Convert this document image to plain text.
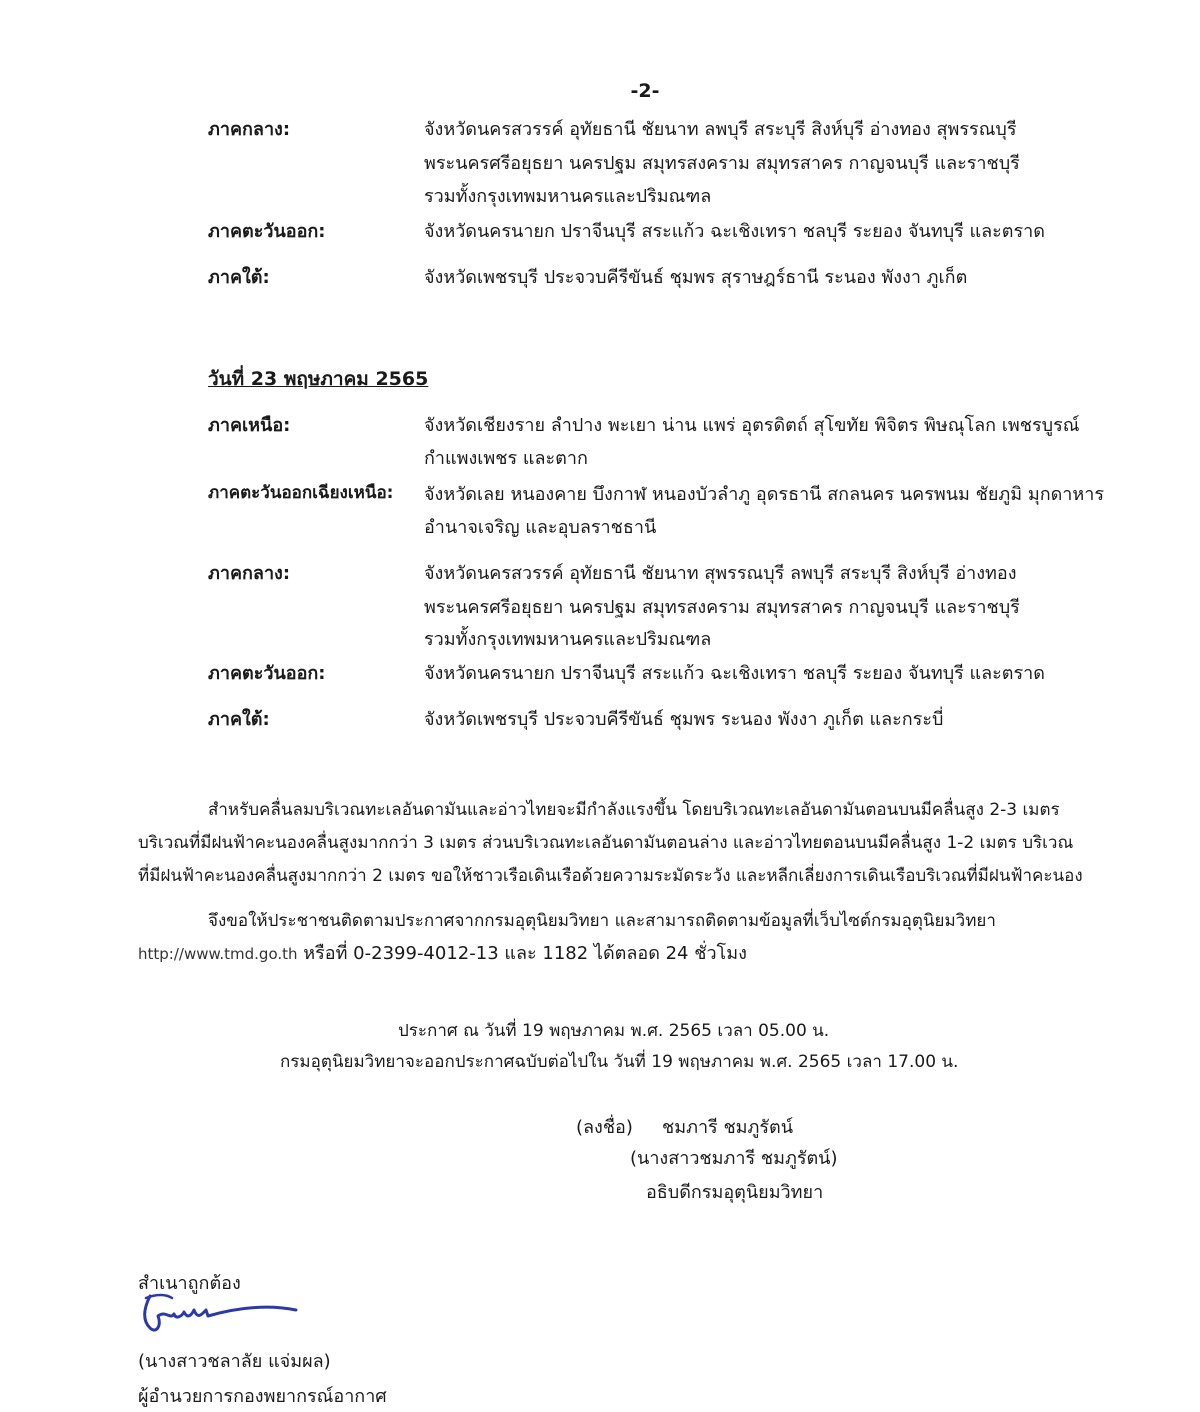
-2-
ภาคกลาง:	จังหวัดนครสวรรค์ อุทัยธานี ชัยนาท ลพบุรี สระบุรี สิงห์บุรี อ่างทอง สุพรรณบุรี
พระนครศรีอยุธยา นครปฐม สมุทรสงคราม สมุทรสาคร กาญจนบุรี และราชบุรี
รวมทั้งกรุงเทพมหานครและปริมณฑล
ภาคตะวันออก:	จังหวัดนครนายก ปราจีนบุรี สระแก้ว ฉะเชิงเทรา ชลบุรี ระยอง จันทบุรี และตราด
ภาคใต้:	จังหวัดเพชรบุรี ประจวบคีรีขันธ์ ชุมพร สุราษฎร์ธานี ระนอง พังงา ภูเก็ต
วันที่ 23 พฤษภาคม 2565
ภาคเหนือ:	จังหวัดเชียงราย ลำปาง พะเยา น่าน แพร่ อุตรดิตถ์ สุโขทัย พิจิตร พิษณุโลก เพชรบูรณ์
กำแพงเพชร และตาก
ภาคตะวันออกเฉียงเหนือ: จังหวัดเลย หนองคาย บึงกาฬ หนองบัวลำภู อุดรธานี สกลนคร นครพนม ชัยภูมิ มุกดาหาร
อำนาจเจริญ และอุบลราชธานี
ภาคกลาง:	จังหวัดนครสวรรค์ อุทัยธานี ชัยนาท สุพรรณบุรี ลพบุรี สระบุรี สิงห์บุรี อ่างทอง
พระนครศรีอยุธยา นครปฐม สมุทรสงคราม สมุทรสาคร กาญจนบุรี และราชบุรี
รวมทั้งกรุงเทพมหานครและปริมณฑล
ภาคตะวันออก:	จังหวัดนครนายก ปราจีนบุรี สระแก้ว ฉะเชิงเทรา ชลบุรี ระยอง จันทบุรี และตราด
ภาคใต้:	จังหวัดเพชรบุรี ประจวบคีรีขันธ์ ชุมพร ระนอง พังงา ภูเก็ต และกระบี่
สำหรับคลื่นลมบริเวณทะเลอันดามันและอ่าวไทยจะมีกำลังแรงขึ้น โดยบริเวณทะเลอันดามันตอนบนมีคลื่นสูง 2-3 เมตร
บริเวณที่มีฝนฟ้าคะนองคลื่นสูงมากกว่า 3 เมตร ส่วนบริเวณทะเลอันดามันตอนล่าง และอ่าวไทยตอนบนมีคลื่นสูง 1-2 เมตร บริเวณ
ที่มีฝนฟ้าคะนองคลื่นสูงมากกว่า 2 เมตร ขอให้ชาวเรือเดินเรือด้วยความระมัดระวัง และหลีกเลี่ยงการเดินเรือบริเวณที่มีฝนฟ้าคะนอง
จึงขอให้ประชาชนติดตามประกาศจากกรมอุตุนิยมวิทยา และสามารถติดตามข้อมูลที่เว็บไซต์กรมอุตุนิยมวิทยา
http://www.tmd.go.th หรือที่ 0-2399-4012-13 และ 1182 ได้ตลอด 24 ชั่วโมง
ประกาศ ณ วันที่ 19 พฤษภาคม พ.ศ. 2565 เวลา 05.00 น.
กรมอุตุนิยมวิทยาจะออกประกาศฉบับต่อไปใน วันที่ 19 พฤษภาคม พ.ศ. 2565 เวลา 17.00 น.
(ลงชื่อ) ชมภารี ชมภูรัตน์
(นางสาวชมภารี ชมภูรัตน์)
อธิบดีกรมอุตุนิยมวิทยา
สำเนาถูกต้อง
(นางสาวชลาลัย แจ่มผล)
ผู้อำนวยการกองพยากรณ์อากาศ
